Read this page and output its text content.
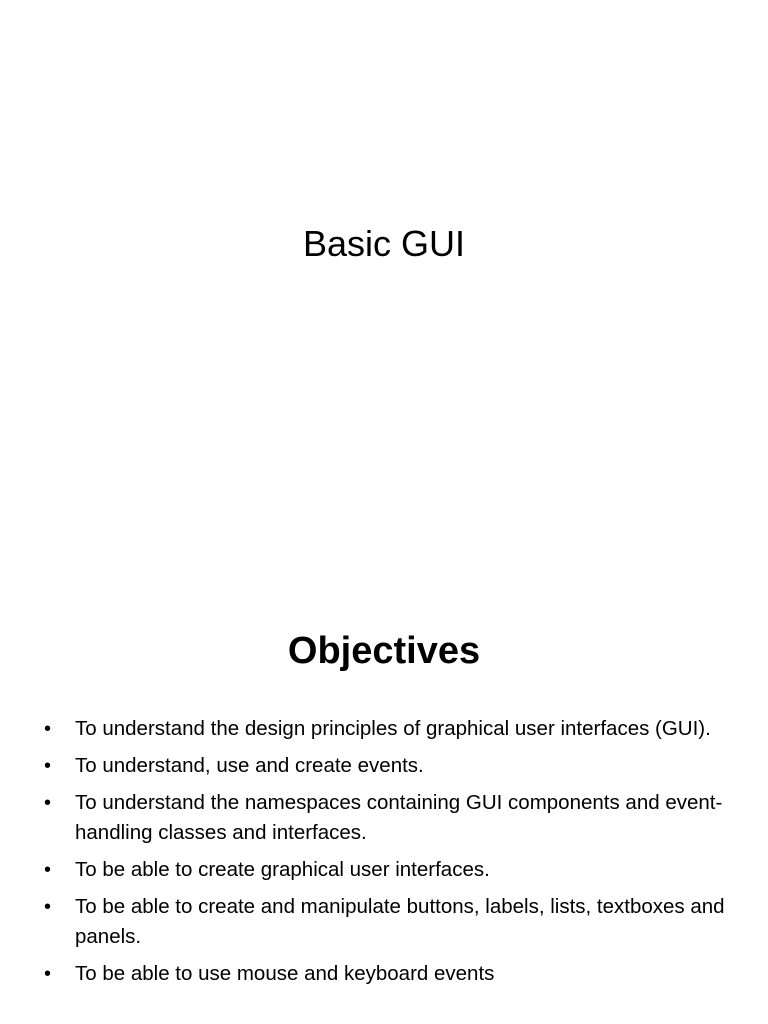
Basic GUI
Objectives
• To understand the design principles of graphical user interfaces (GUI).
• To understand, use and create events.
• To understand the namespaces containing GUI components and event-handling classes and interfaces.
• To be able to create graphical user interfaces.
• To be able to create and manipulate buttons, labels, lists, textboxes and panels.
• To be able to use mouse and keyboard events
